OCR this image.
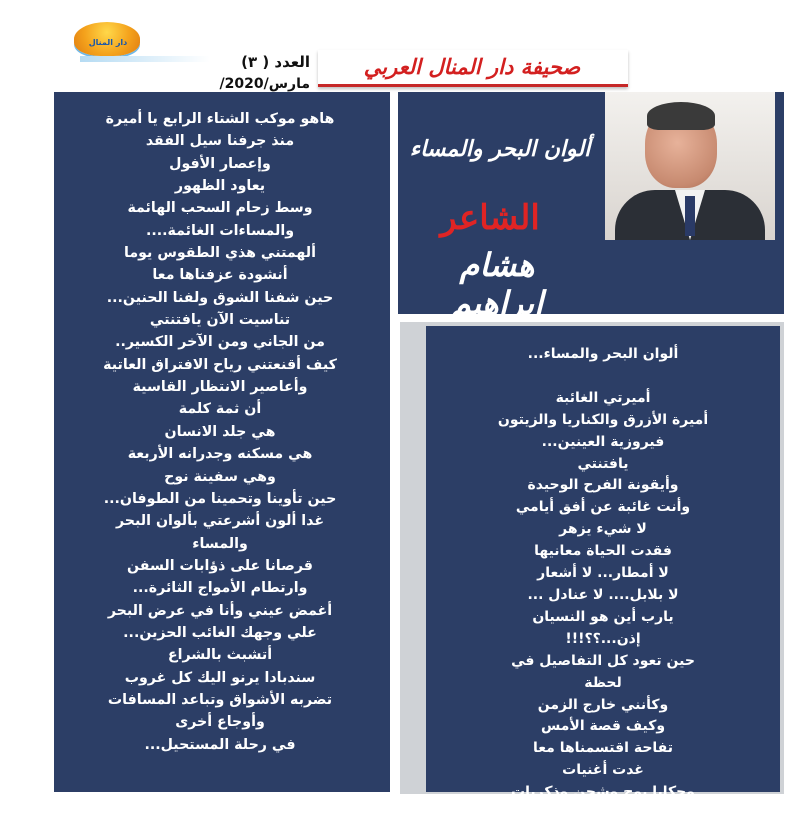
دار المنال
صحيفة دار المنال العربي
العدد ( ٣)
مارس/2020/
هاهو موكب الشتاء الرابع يا أميرة
منذ جرفنا سيل الفقد
وإعصار الأفول
يعاود الظهور
وسط زحام السحب الهائمة
والمساءات الغائمة....
ألهمتني هذي الطقوس يوما
أنشودة عزفناها معا
حين شفنا الشوق ولفنا الحنين...
تناسيت الآن يافتنتي
من الجاني ومن الآخر الكسير..
كيف أقنعتني رياح الافتراق العاتية
وأعاصير الانتظار القاسية
أن ثمة كلمة
هي جلد الانسان
هي مسكنه وجدرانه الأربعة
وهي سفينة نوح
حين تأوينا وتحمينا من الطوفان...
غدا ألون أشرعتي بألوان البحر
والمساء
قرصانا على ذؤابات السفن
وارتطام الأمواج الثائرة...
أغمض عيني وأنا في عرض البحر
علي وجهك الغائب الحزين...
أتشبث بالشراع
سندبادا يرنو اليك كل غروب
تضربه الأشواق وتباعد المسافات
وأوجاع أخرى
في رحلة المستحيل...
ألوان البحر والمساء
الشاعر
هشام إبراهيم
ألوان البحر والمساء...

أميرتي الغائبة
أميرة الأزرق والكناريا والزيتون
فيروزية العينين...
يافتنتي
وأيقونة الفرح الوحيدة
وأنت غائبة عن أفق أيامي
لا شيء يزهر
فقدت الحياة معانيها
لا أمطار... لا أشعار
لا بلابل.... لا عنادل ...
يارب أين هو النسيان
إذن...؟؟!!!
حين تعود كل التفاصيل في
لحظة
وكأنني خارج الزمن
وكيف قصة الأمس
تفاحة اقتسمناها معا
غدت أغنيات
وحكايا بوح وشجن وذكريات
يرويها العشاق...
